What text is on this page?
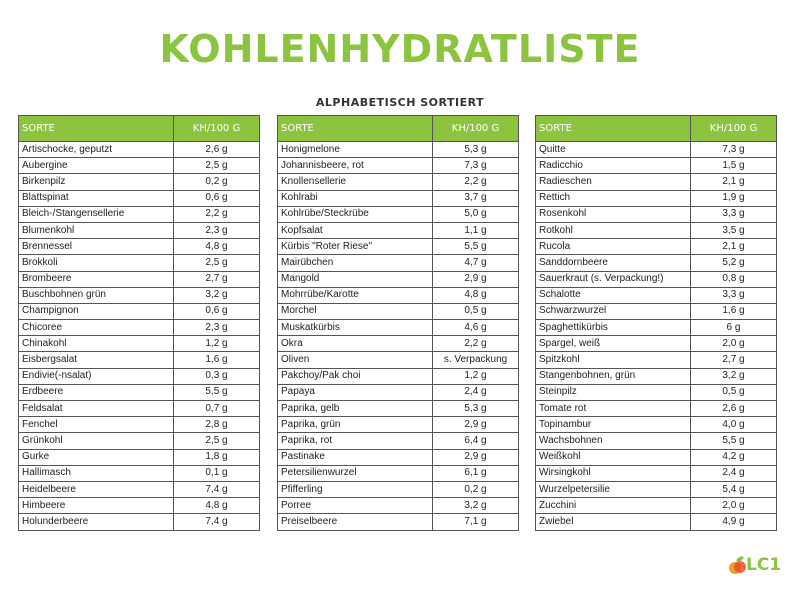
KOHLENHYDRATLISTE
ALPHABETISCH SORTIERT
SORTE	KH/100 G
Artischocke, geputzt	2,6 g
Aubergine	2,5 g
Birkenpilz	0,2 g
Blattspinat	0,6 g
Bleich-/Stangensellerie	2,2 g
Blumenkohl	2,3 g
Brennessel	4,8 g
Brokkoli	2,5 g
Brombeere	2,7 g
Buschbohnen grün	3,2 g
Champignon	0,6 g
Chicoree	2,3 g
Chinakohl	1,2 g
Eisbergsalat	1,6 g
Endivie(-nsalat)	0,3 g
Erdbeere	5,5 g
Feldsalat	0,7 g
Fenchel	2,8 g
Grünkohl	2,5 g
Gurke	1,8 g
Hallimasch	0,1 g
Heidelbeere	7,4 g
Himbeere	4,8 g
Holunderbeere	7,4 g
SORTE	KH/100 G
Honigmelone	5,3 g
Johannisbeere, rot	7,3 g
Knollensellerie	2,2 g
Kohlrabi	3,7 g
Kohlrübe/Steckrübe	5,0 g
Kopfsalat	1,1 g
Kürbis "Roter Riese"	5,5 g
Mairübchen	4,7 g
Mangold	2,9 g
Mohrrübe/Karotte	4,8 g
Morchel	0,5 g
Muskatkürbis	4,6 g
Okra	2,2 g
Oliven	s. Verpackung
Pakchoy/Pak choi	1,2 g
Papaya	2,4 g
Paprika, gelb	5,3 g
Paprika, grün	2,9 g
Paprika, rot	6,4 g
Pastinake	2,9 g
Petersilienwurzel	6,1 g
Pfifferling	0,2 g
Porree	3,2 g
Preiselbeere	7,1 g
SORTE	KH/100 G
Quitte	7,3 g
Radicchio	1,5 g
Radieschen	2,1 g
Rettich	1,9 g
Rosenkohl	3,3 g
Rotkohl	3,5 g
Rucola	2,1 g
Sanddornbeere	5,2 g
Sauerkraut (s. Verpackung!)	0,8 g
Schalotte	3,3 g
Schwarzwurzel	1,6 g
Spaghettikürbis	6 g
Spargel, weiß	2,0 g
Spitzkohl	2,7 g
Stangenbohnen, grün	3,2 g
Steinpilz	0,5 g
Tomate rot	2,6 g
Topinambur	4,0 g
Wachsbohnen	5,5 g
Weißkohl	4,2 g
Wirsingkohl	2,4 g
Wurzelpetersilie	5,4 g
Zucchini	2,0 g
Zwiebel	4,9 g
LC1
